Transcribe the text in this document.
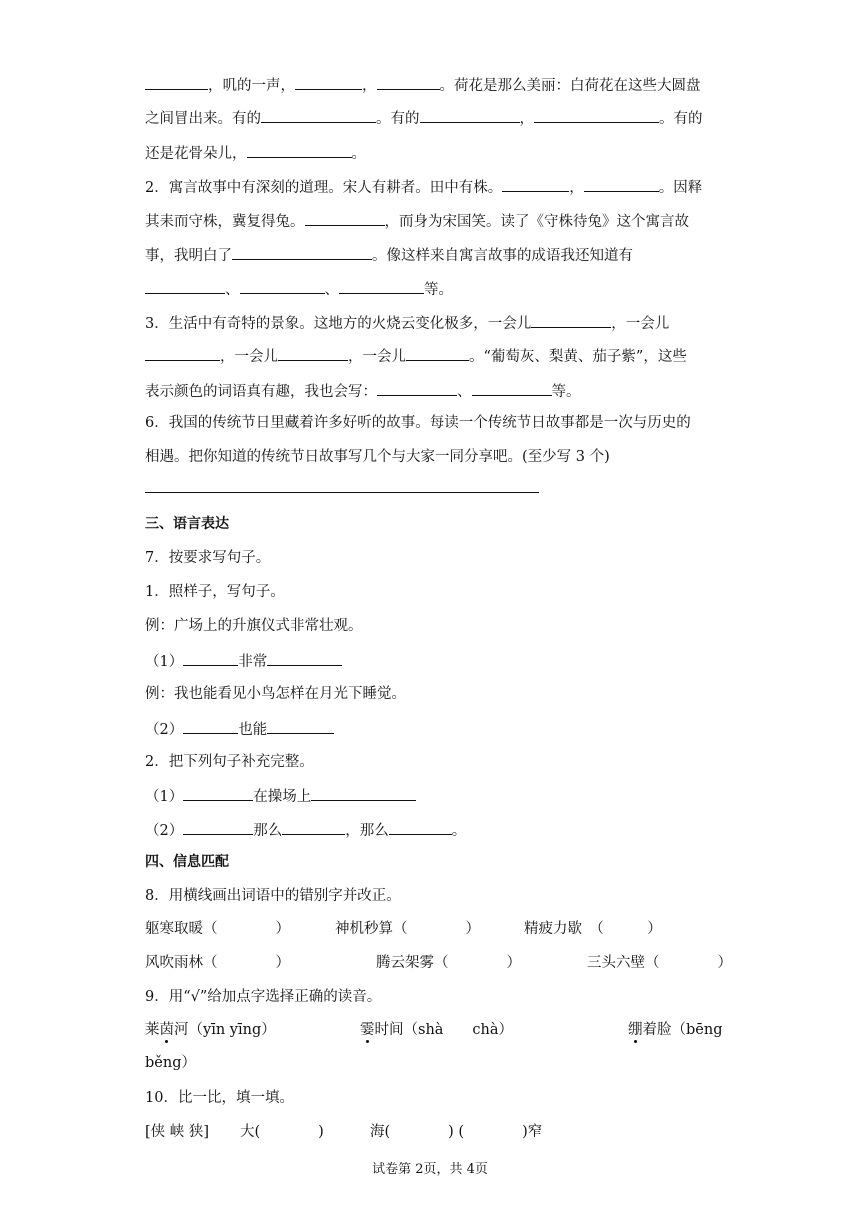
，叽的一声，	，	。荷花是那么美丽：白荷花在这些大圆盘
之间冒出来。有的	。有的	，	。有的
还是花骨朵儿，	。
2．寓言故事中有深刻的道理。宋人有耕者。田中有株。	，	。因释
其耒而守株，冀复得兔。	，而身为宋国笑。读了《守株待兔》这个寓言故
事，我明白了	。像这样来自寓言故事的成语我还知道有
、	、	等。
3．生活中有奇特的景象。这地方的火烧云变化极多，一会儿	，一会儿
，一会儿	，一会儿	。“葡萄灰、梨黄、茄子紫”，这些
表示颜色的词语真有趣，我也会写：	、	等。
6．我国的传统节日里藏着许多好听的故事。每读一个传统节日故事都是一次与历史的
相遇。把你知道的传统节日故事写几个与大家一同分享吧。(至少写 3 个)
三、语言表达
7．按要求写句子。
1．照样子，写句子。
例：广场上的升旗仪式非常壮观。
（1）	非常
例：我也能看见小鸟怎样在月光下睡觉。
（2）	也能
2．把下列句子补充完整。
（1）	在操场上
（2）	那么	，那么	。
四、信息匹配
8．用横线画出词语中的错别字并改正。
躯寒取暖（　　　　）	神机秒算（　　　　）	精疲力歇　（　　　）
风吹雨林（　　　　）	腾云架雾（　　　　）	三头六壁（　　　　）
9．用“√”给加点字选择正确的读音。
莱茵河（yīn yīng）	霎时间（shà　　chà）	绷着脸（bēng
běng）
10．比一比，填一填。
[侠 峡 狭] 大(　　　　)	海(　　　　) (　　　　)窄
试卷第 2页，共 4页
